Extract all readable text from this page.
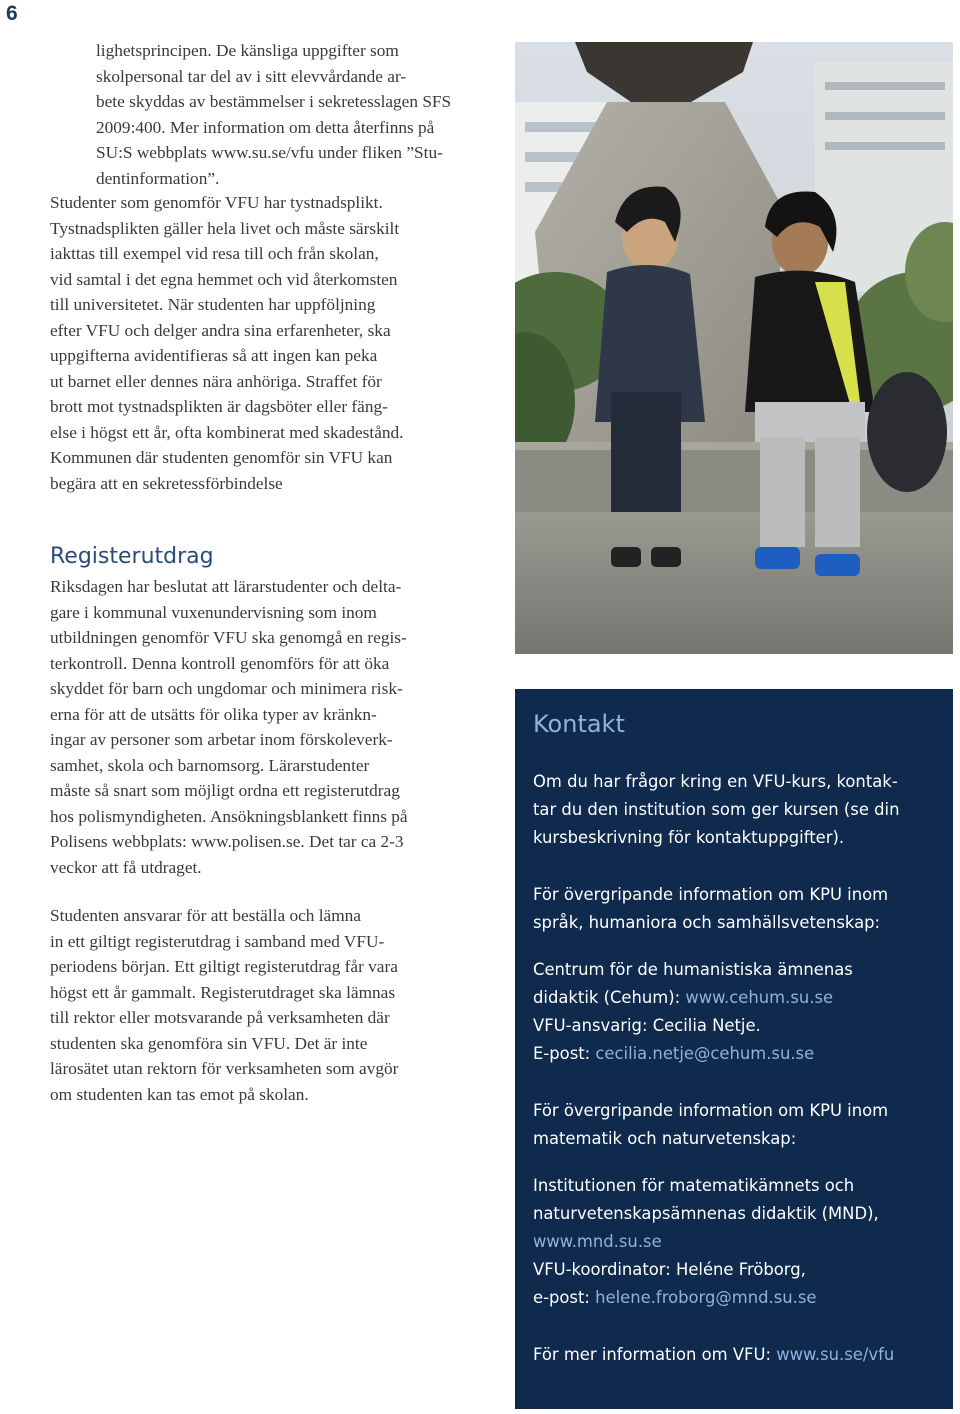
6

lighetsprincipen. De känsliga uppgifter som

skolpersonal tar del av i sitt elevvårdande ar-

bete skyddas av bestämmelser i sekretesslagen SFS

2009:400. Mer information om detta återfinns på

SU:S webbplats www.su.se/vfu under fliken ”Stu-

dentinformation”.

Studenter som genomför VFU har tystnadsplikt.

Tystnadsplikten gäller hela livet och måste särskilt

iakttas till exempel vid resa till och från skolan,

vid samtal i det egna hemmet och vid återkomsten

till universitetet. När studenten har uppföljning

efter VFU och delger andra sina erfarenheter, ska

uppgifterna avidentifieras så att ingen kan peka

ut barnet eller dennes nära anhöriga. Straffet för

brott mot tystnadsplikten är dagsböter eller fäng-

else i högst ett år, ofta kombinerat med skadestånd.

Kommunen där studenten genomför sin VFU kan

begära att en sekretessförbindelse

Registerutdrag

Riksdagen har beslutat att lärarstudenter och delta-

gare i kommunal vuxenundervisning som inom

utbildningen genomför VFU ska genomgå en regis-

terkontroll. Denna kontroll genomförs för att öka

skyddet för barn och ungdomar och minimera risk-

erna för att de utsätts för olika typer av kränkn-

ingar av personer som arbetar inom förskoleverk-

samhet, skola och barnomsorg. Lärarstudenter

måste så snart som möjligt ordna ett registerutdrag

hos polismyndigheten. Ansökningsblankett finns på

Polisens webbplats: www.polisen.se. Det tar ca 2-3

veckor att få utdraget.

Studenten ansvarar för att beställa och lämna

in ett giltigt registerutdrag i samband med VFU-

periodens början. Ett giltigt registerutdrag får vara

högst ett år gammalt. Registerutdraget ska lämnas

till rektor eller motsvarande på verksamheten där

studenten ska genomföra sin VFU. Det är inte

lärosätet utan rektorn för verksamheten som avgör

om studenten kan tas emot på skolan.

Kontakt
Om du har frågor kring en VFU-kurs, kontak-
tar du den institution som ger kursen (se din
kursbeskrivning för kontaktuppgifter).
För övergripande information om KPU inom
språk, humaniora och samhällsvetenskap:
Centrum för de humanistiska ämnenas
didaktik (Cehum): www.cehum.su.se
VFU-ansvarig: Cecilia Netje.
E-post: cecilia.netje@cehum.su.se
För övergripande information om KPU inom
matematik och naturvetenskap:
Institutionen för matematikämnets och
naturvetenskapsämnenas didaktik (MND),
www.mnd.su.se
VFU-koordinator: Heléne Fröborg,
e-post: helene.froborg@mnd.su.se
För mer information om VFU: www.su.se/vfu
